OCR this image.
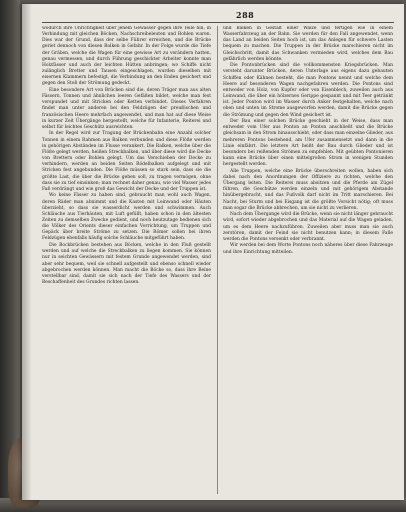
288

wodurch ihre Unrichtigkeit über jenem Gewässer gegen ihre Teile hin, in Verbindung mit gleichen Böcken, Nachschreibeleuten und Bohlen waren. Dies war der Grund, dass der selbe Führer erreichen, und die Brücke geriet dennoch von diesen Balken in Gefahr. In der Folge wurde die Tiefe der Gräben, welche die Wagen für eine gewisse Art zu verändern hatten, genau vermessen, und durch Führung geschickter Arbeiter konnte man Holzfässer und auch der leichten Hütten anbringen; wo Schiffe nicht zulänglich Bretter und Tausen eingeschlagen, wurden dieselben mit eisernen Klammern befestigt, die Verbindung an den Enden gesichert und gegen den Stoß der Strömung gedeckt.

Eine besondere Art von Brücken sind die, deren Träger man aus alten Fässern, Tonnen und ähnlichen leeren Gefäßen bildet, welche man fest verspundet und mit Stricken oder Ketten verbindet. Dieses Verfahren findet man unter anderen bei den Feldzügen der preußischen und französischen Heere mehrfach angewendet, und man hat auf diese Weise in kurzer Zeit Übergänge hergestellt, welche für Infanterie, Reiterei und selbst für leichtes Geschütz ausreichten.

In der Regel wird zur Tragung der Brückenbahn eine Anzahl solcher Tonnen in einem Rahmen aus Balken verbunden und diese Flöße werden in gehörigen Abständen im Flusse verankert. Die Balken, welche über die Flöße gelegt werden, heißen Streckbalken, und über diese wird die Decke von Brettern oder Bohlen gelegt. Um das Verschieben der Decke zu verhindern, werden an beiden Seiten Rödelbalken aufgelegt und mit Stricken fest angebunden. Die Flöße müssen so stark sein, dass sie die größte Last, die über die Brücke gehen soll, zu tragen vermögen, ohne dass sie zu tief einsinken; man rechnet daher genau, wie viel Wasser jedes Faß verdrängt und wie groß das Gewicht der Decke und der Truppen ist.

Wo keine Fässer zu haben sind, gebraucht man wohl auch Wagen, deren Räder man abnimmt und die Kasten mit Leinwand oder Häuten überzieht, so dass sie wasserdicht werden und schwimmen. Auch Schläuche aus Tierhäuten, mit Luft gefüllt, haben schon in den ältesten Zeiten zu demselben Zwecke gedient, und noch heutzutage bedienen sich die Völker des Orients dieser einfachen Vorrichtung, um Truppen und Gepäck über breite Ströme zu setzen. Die Römer sollen bei ihren Feldzügen ebenfalls häufig solche Schläuche mitgeführt haben.

Die Bockbrücken bestehen aus Böcken, welche in den Fluß gestellt werden und auf welche die Streckbalken zu liegen kommen. Sie können nur in seichten Gewässern mit festem Grunde angewendet werden, sind aber sehr bequem, weil sie schnell aufgestellt und ebenso schnell wieder abgebrochen werden können. Man macht die Böcke so, dass ihre Beine verstellbar sind, damit sie sich nach der Tiefe des Wassers und der Beschaffenheit des Grundes richten lassen.

und Balken in Gestalt einer Walze und fertigen wie in einem Wasserfahrzeug an der Bahn. Sie werden für den Fall angewendet, wenn das Land an beiden Seiten hoch ist, um das Anlegen für schwere Lasten bequem zu machen. Die Truppen in der Brücke marschieren nicht im Gleichschritt, damit das Schwanken vermieden wird, welches dem Bau gefährlich werden könnte.

Die Pontonbrücken sind die vollkommensten Kriegsbrücken. Man versteht darunter Brücken, deren Unterlage aus eigens dazu gebauten Schiffen oder Kähnen besteht, die man Pontons nennt und welche dem Heere auf besonderen Wagen nachgefahren werden. Die Pontons sind entweder von Holz, von Kupfer oder von Eisenblech, zuweilen auch aus Leinwand, die über ein hölzernes Gerippe gespannt und mit Teer getränkt ist. Jeder Ponton wird im Wasser durch Anker festgehalten, welche nach oben und unten im Strome ausgeworfen werden, damit die Brücke gegen die Strömung und gegen den Wind gesichert ist.

Der Bau einer solchen Brücke geschieht in der Weise, dass man entweder vom Ufer aus Ponton an Ponton anschließt und die Brücke gleichsam in den Strom hinausschiebt, oder dass man einzelne Glieder, aus mehreren Pontons bestehend, am Ufer zusammensetzt und dann in die Linie einfährt. Die letztere Art heißt der Bau durch Glieder und ist besonders bei reißenden Strömen zu empfehlen. Mit geübten Pontonieren kann eine Brücke über einen mittelgroßen Strom in wenigen Stunden hergestellt werden.

Alle Truppen, welche eine Brücke überschreiten wollen, haben sich dabei nach den Anordnungen der Offiziere zu richten, welche den Übergang leiten. Die Reiterei muss absitzen und die Pferde am Zügel führen, die Geschütze werden einzeln und mit gehörigem Abstande hinübergebracht, und das Fußvolk darf nicht im Tritt marschieren. Bei Nacht, bei Sturm und bei Eisgang ist die größte Vorsicht nötig; oft muss man sogar die Brücke abbrechen, um sie nicht zu verlieren.

Nach dem Übergange wird die Brücke, wenn sie nicht länger gebraucht wird, sofort wieder abgebrochen und das Material auf die Wagen geladen, um es dem Heere nachzuführen. Zuweilen aber muss man sie auch zerstören, damit der Feind sie nicht benutzen kann; in diesem Falle werden die Pontons versenkt oder verbrannt.

Wir werden bei dem Worte Pontons noch näheres über diese Fahrzeuge und ihre Einrichtung mitteilen.
